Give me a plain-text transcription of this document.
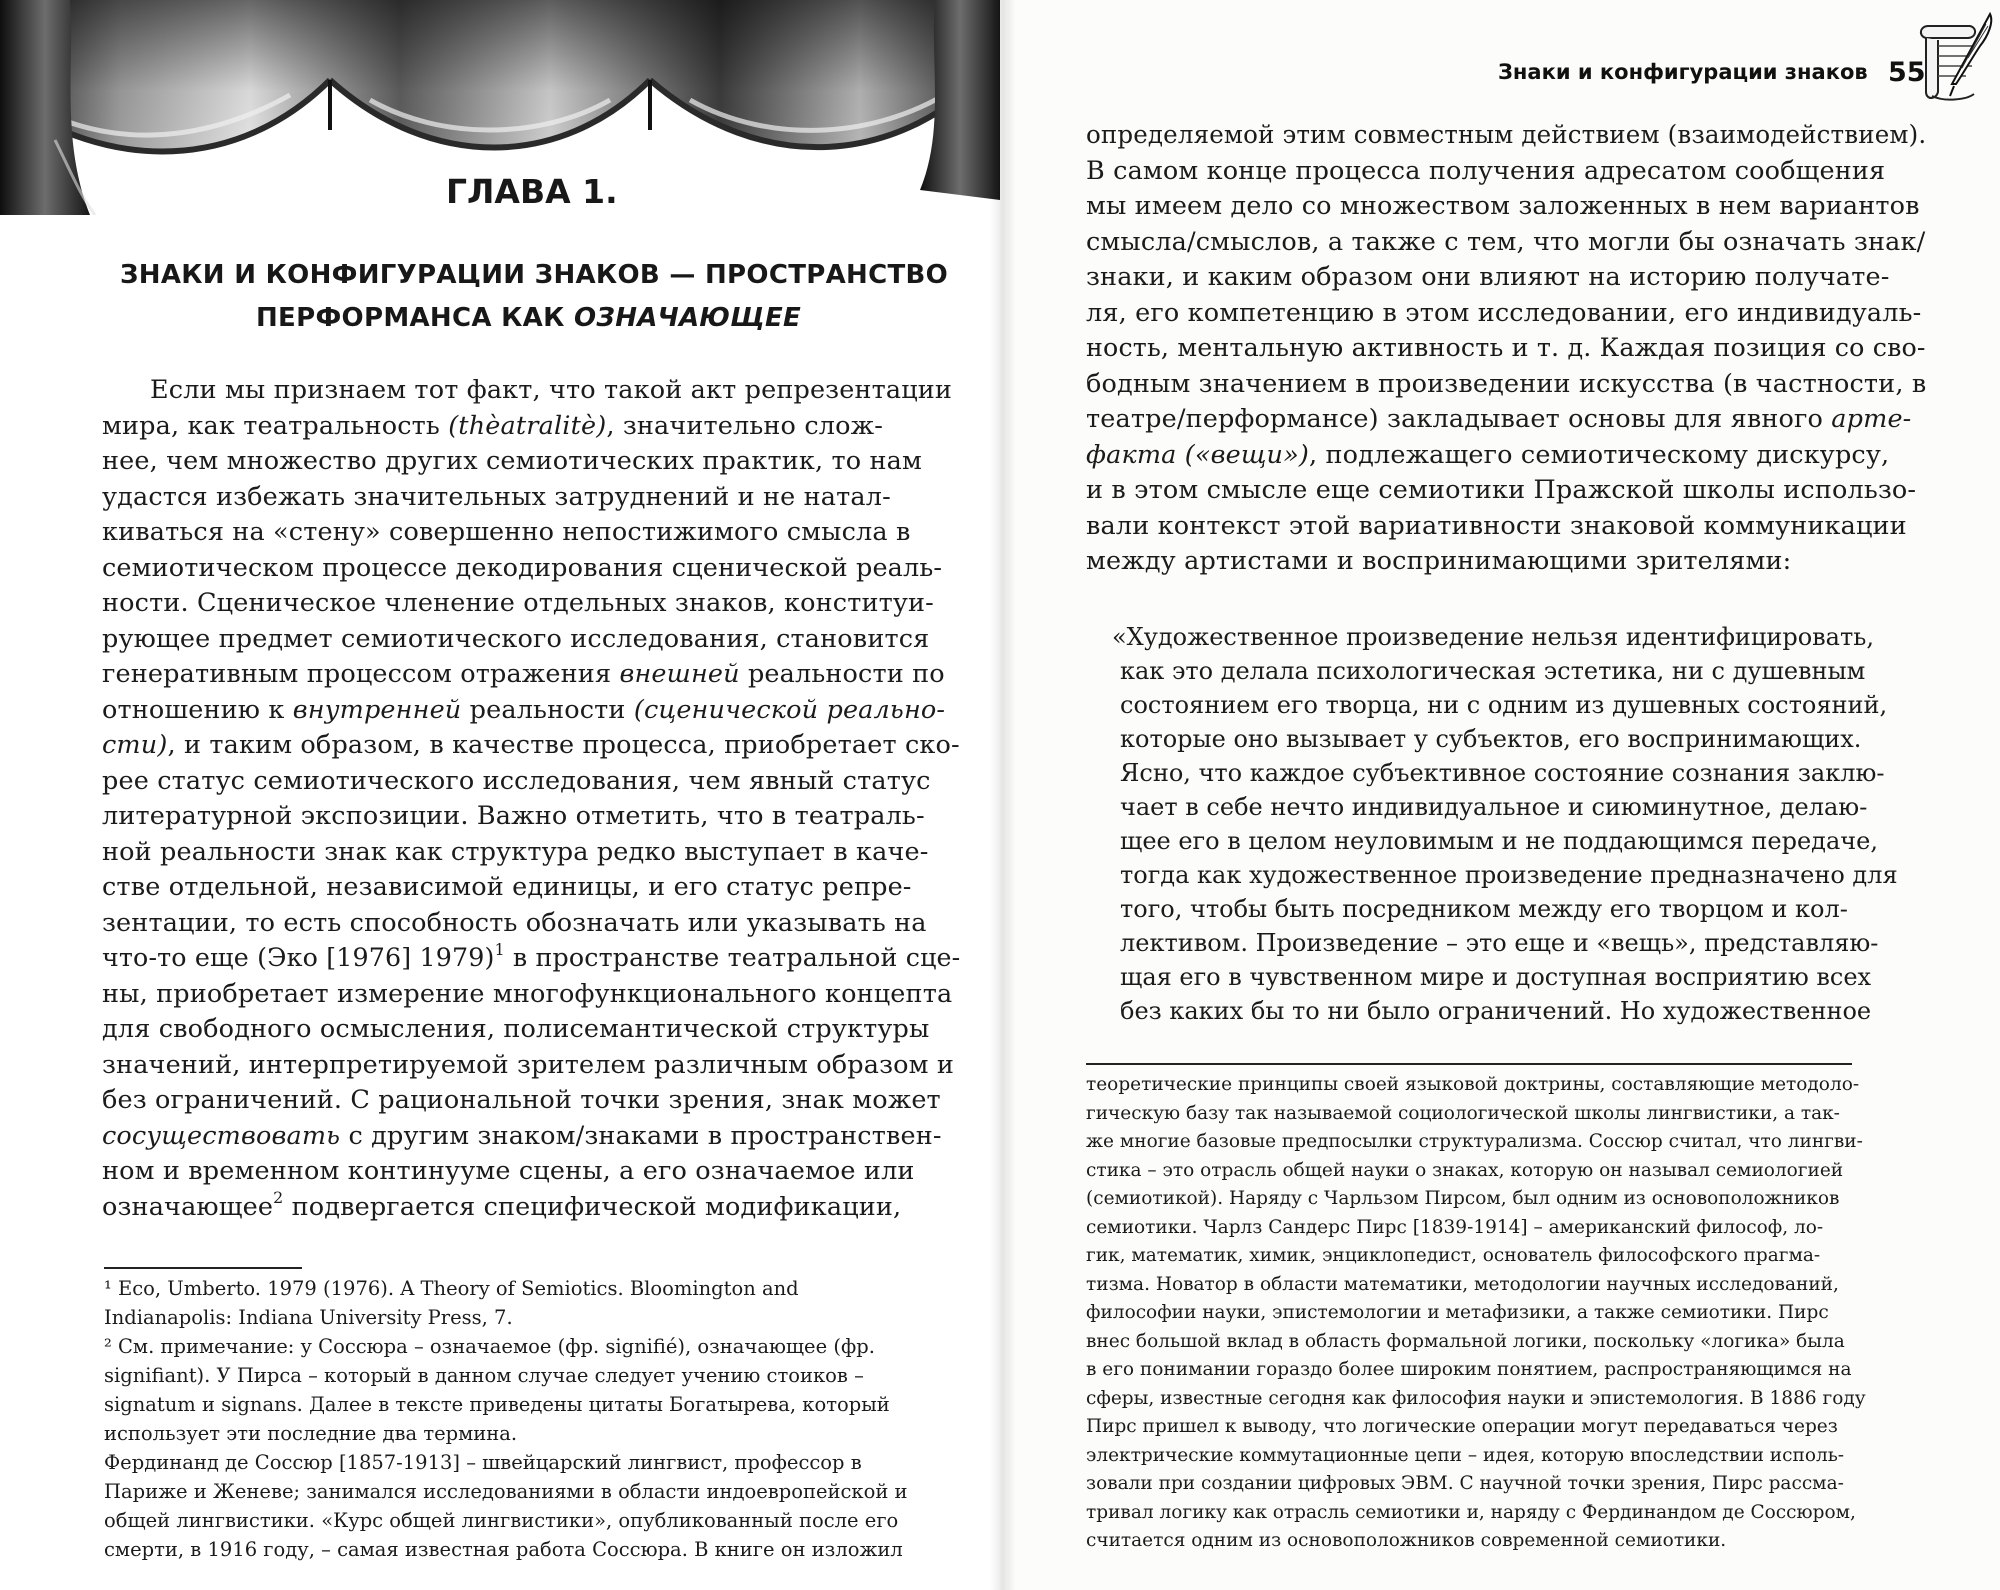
ГЛАВА 1.
ЗНАКИ И КОНФИГУРАЦИИ ЗНАКОВ — ПРОСТРАНСТВО
ПЕРФОРМАНСА КАК ОЗНАЧАЮЩЕЕ
Если мы признаем тот факт, что такой акт репрезентации
мира, как театральность (thèatralitè), значительно слож-
нее, чем множество других семиотических практик, то нам
удастся избежать значительных затруднений и не натал-
киваться на «стену» совершенно непостижимого смысла в
семиотическом процессе декодирования сценической реаль-
ности. Сценическое членение отдельных знаков, конституи-
рующее предмет семиотического исследования, становится
генеративным процессом отражения внешней реальности по
отношению к внутренней реальности (сценической реально-
сти), и таким образом, в качестве процесса, приобретает ско-
рее статус семиотического исследования, чем явный статус
литературной экспозиции. Важно отметить, что в театраль-
ной реальности знак как структура редко выступает в каче-
стве отдельной, независимой единицы, и его статус репре-
зентации, то есть способность обозначать или указывать на
что-то еще (Эко [1976] 1979)$^1$ в пространстве театральной сце-
ны, приобретает измерение многофункционального концепта
для свободного осмысления, полисемантической структуры
значений, интерпретируемой зрителем различным образом и
без ограничений. С рациональной точки зрения, знак может
сосуществовать с другим знаком/знаками в пространствен-
ном и временном континууме сцены, а его означаемое или
означающее$^2$ подвергается специфической модификации,
¹ Eco, Umberto. 1979 (1976). A Theory of Semiotics. Bloomington and
Indianapolis: Indiana University Press, 7.
² См. примечание: у Соссюра – означаемое (фр. signifié), означающее (фр.
signifiant). У Пирса – который в данном случае следует учению стоиков –
signatum и signans. Далее в тексте приведены цитаты Богатырева, который
использует эти последние два термина.
Фердинанд де Соссюр [1857-1913] – швейцарский лингвист, профессор в
Париже и Женеве; занимался исследованиями в области индоевропейской и
общей лингвистики. «Курс общей лингвистики», опубликованный после его
смерти, в 1916 году, – самая известная работа Соссюра. В книге он изложил
Знаки и конфигурации знаков 55
определяемой этим совместным действием (взаимодействием).
В самом конце процесса получения адресатом сообщения
мы имеем дело со множеством заложенных в нем вариантов
смысла/смыслов, а также с тем, что могли бы означать знак/
знаки, и каким образом они влияют на историю получате-
ля, его компетенцию в этом исследовании, его индивидуаль-
ность, ментальную активность и т. д. Каждая позиция со сво-
бодным значением в произведении искусства (в частности, в
театре/перформансе) закладывает основы для явного арте-
факта («вещи»), подлежащего семиотическому дискурсу,
и в этом смысле еще семиотики Пражской школы использо-
вали контекст этой вариативности знаковой коммуникации
между артистами и воспринимающими зрителями:
«Художественное произведение нельзя идентифицировать,
как это делала психологическая эстетика, ни с душевным
состоянием его творца, ни с одним из душевных состояний,
которые оно вызывает у субъектов, его воспринимающих.
Ясно, что каждое субъективное состояние сознания заклю-
чает в себе нечто индивидуальное и сиюминутное, делаю-
щее его в целом неуловимым и не поддающимся передаче,
тогда как художественное произведение предназначено для
того, чтобы быть посредником между его творцом и кол-
лективом. Произведение – это еще и «вещь», представляю-
щая его в чувственном мире и доступная восприятию всех
без каких бы то ни было ограничений. Но художественное
теоретические принципы своей языковой доктрины, составляющие методоло-
гическую базу так называемой социологической школы лингвистики, а так-
же многие базовые предпосылки структурализма. Соссюр считал, что лингви-
стика – это отрасль общей науки о знаках, которую он называл семиологией
(семиотикой). Наряду с Чарльзом Пирсом, был одним из основоположников
семиотики. Чарлз Сандерс Пирс [1839-1914] – американский философ, ло-
гик, математик, химик, энциклопедист, основатель философского прагма-
тизма. Новатор в области математики, методологии научных исследований,
философии науки, эпистемологии и метафизики, а также семиотики. Пирс
внес большой вклад в область формальной логики, поскольку «логика» была
в его понимании гораздо более широким понятием, распространяющимся на
сферы, известные сегодня как философия науки и эпистемология. В 1886 году
Пирс пришел к выводу, что логические операции могут передаваться через
электрические коммутационные цепи – идея, которую впоследствии исполь-
зовали при создании цифровых ЭВМ. С научной точки зрения, Пирс рассма-
тривал логику как отрасль семиотики и, наряду с Фердинандом де Соссюром,
считается одним из основоположников современной семиотики.
